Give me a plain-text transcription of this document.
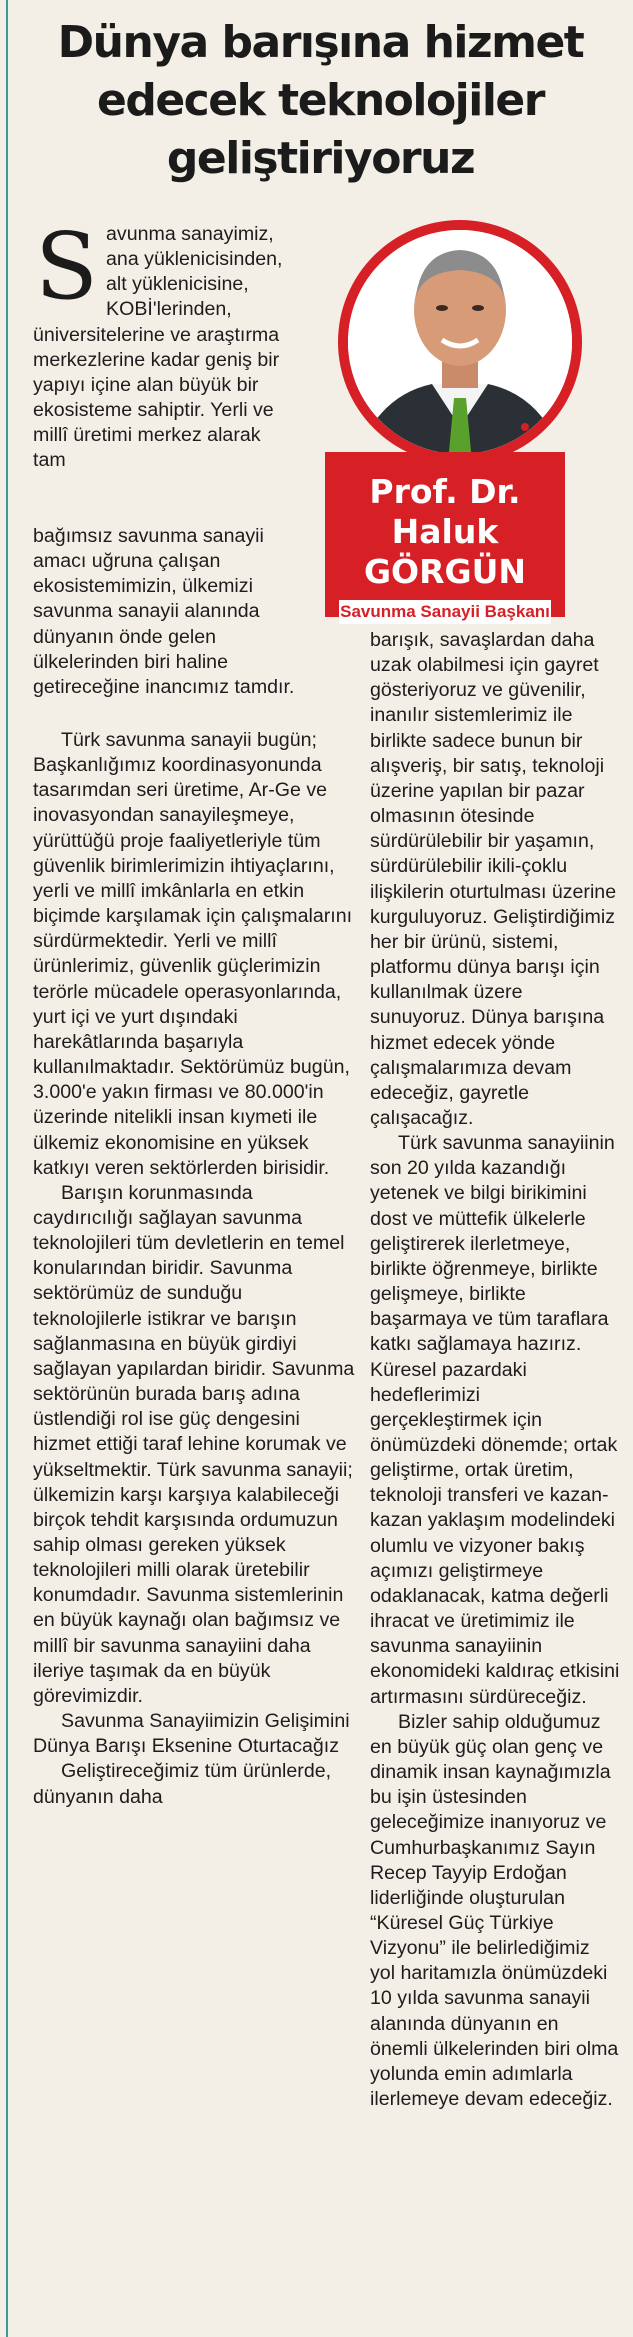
Dünya barışına hizmet
edecek teknolojiler
geliştiriyoruz
Prof. Dr.
Haluk GÖRGÜN
Savunma Sanayii Başkanı
S avunma sanayimiz, ana yüklenicisinden, alt yüklenicisine, KOBİ'lerinden, üniversitelerine ve araştırma merkezlerine kadar geniş bir yapıyı içine alan büyük bir ekosisteme sahiptir. Yerli ve millî üretimi merkez alarak tam

bağımsız savunma sanayii amacı uğruna çalışan ekosistemimizin, ülkemizi savunma sanayii alanında dünyanın önde gelen ülkelerinden biri haline getireceğine inancımız tamdır.

Türk savunma sanayii bugün; Başkanlığımız koordinasyonunda tasarımdan seri üretime, Ar-Ge ve inovasyondan sanayileşmeye, yürüttüğü proje faaliyetleriyle tüm güvenlik birimlerimizin ihtiyaçlarını, yerli ve millî imkânlarla en etkin biçimde karşılamak için çalışmalarını sürdürmektedir. Yerli ve millî ürünlerimiz, güvenlik güçlerimizin terörle mücadele operasyonlarında, yurt içi ve yurt dışındaki harekâtlarında başarıyla kullanılmaktadır. Sektörümüz bugün, 3.000'e yakın firması ve 80.000'in üzerinde nitelikli insan kıymeti ile ülkemiz ekonomisine en yüksek katkıyı veren sektörlerden birisidir.

Barışın korunmasında caydırıcılığı sağlayan savunma teknolojileri tüm devletlerin en temel konularından biridir. Savunma sektörümüz de sunduğu teknolojilerle istikrar ve barışın sağlanmasına en büyük girdiyi sağlayan yapılardan biridir. Savunma sektörünün burada barış adına üstlendiği rol ise güç dengesini hizmet ettiği taraf lehine korumak ve yükseltmektir. Türk savunma sanayii; ülkemizin karşı karşıya kalabileceği birçok tehdit karşısında ordumuzun sahip olması gereken yüksek teknolojileri milli olarak üretebilir konumdadır. Savunma sistemlerinin en büyük kaynağı olan bağımsız ve millî bir savunma sanayiini daha ileriye taşımak da en büyük görevimizdir.

Savunma Sanayiimizin Gelişimini Dünya Barışı Eksenine Oturtacağız

Geliştireceğimiz tüm ürünlerde, dünyanın daha

barışık, savaşlardan daha uzak olabilmesi için gayret gösteriyoruz ve güvenilir, inanılır sistemlerimiz ile birlikte sadece bunun bir alışveriş, bir satış, teknoloji üzerine yapılan bir pazar olmasının ötesinde sürdürülebilir bir yaşamın, sürdürülebilir ikili-çoklu ilişkilerin oturtulması üzerine kurguluyoruz. Geliştirdiğimiz her bir ürünü, sistemi, platformu dünya barışı için kullanılmak üzere sunuyoruz. Dünya barışına hizmet edecek yönde çalışmalarımıza devam edeceğiz, gayretle çalışacağız.

Türk savunma sanayiinin son 20 yılda kazandığı yetenek ve bilgi birikimini dost ve müttefik ülkelerle geliştirerek ilerletmeye, birlikte öğrenmeye, birlikte gelişmeye, birlikte başarmaya ve tüm taraflara katkı sağlamaya hazırız. Küresel pazardaki hedeflerimizi gerçekleştirmek için önümüzdeki dönemde; ortak geliştirme, ortak üretim, teknoloji transferi ve kazan-kazan yaklaşım modelindeki olumlu ve vizyoner bakış açımızı geliştirmeye odaklanacak, katma değerli ihracat ve üretimimiz ile savunma sanayiinin ekonomideki kaldıraç etkisini artırmasını sürdüreceğiz.

Bizler sahip olduğumuz en büyük güç olan genç ve dinamik insan kaynağımızla bu işin üstesinden geleceğimize inanıyoruz ve Cumhurbaşkanımız Sayın Recep Tayyip Erdoğan liderliğinde oluşturulan “Küresel Güç Türkiye Vizyonu” ile belirlediğimiz yol haritamızla önümüzdeki 10 yılda savunma sanayii alanında dünyanın en önemli ülkelerinden biri olma yolunda emin adımlarla ilerlemeye devam edeceğiz.
